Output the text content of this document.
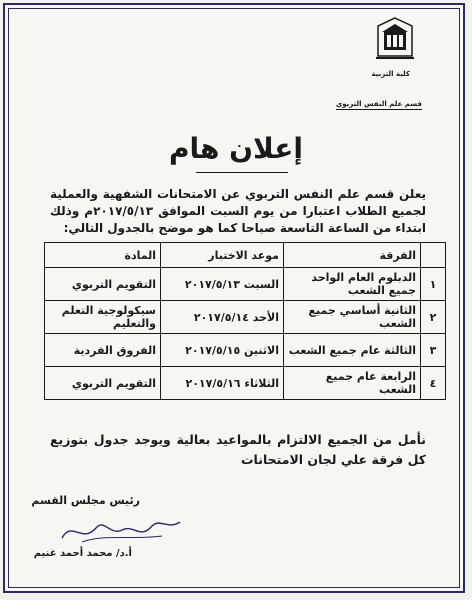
كلية التربية
قسم علم النفس التربوي
إعلان هام
يعلن قسم علم النفس التربوي عن الامتحانات الشفهية والعملية لجميع الطلاب اعتبارا من يوم السبت الموافق ٢٠١٧/٥/١٣م وذلك ابتداء من الساعة التاسعة صباحا كما هو موضح بالجدول التالي:
	الفرقة	موعد الاختبار	المادة
١	الدبلوم العام الواحد جميع الشعب	السبت ٢٠١٧/٥/١٣	التقويم التربوي
٢	الثانية أساسي جميع الشعب	الأحد ٢٠١٧/٥/١٤	سيكولوجية التعلم والتعليم
٣	الثالثة عام جميع الشعب	الاثنين ٢٠١٧/٥/١٥	الفروق الفردية
٤	الرابعة عام جميع الشعب	الثلاثاء ٢٠١٧/٥/١٦	التقويم التربوي
نأمل من الجميع الالتزام بالمواعيد بعالية ويوجد جدول بتوزيع كل فرقة علي لجان الامتحانات
رئيس مجلس القسم
أ.د/ محمد أحمد غنيم
